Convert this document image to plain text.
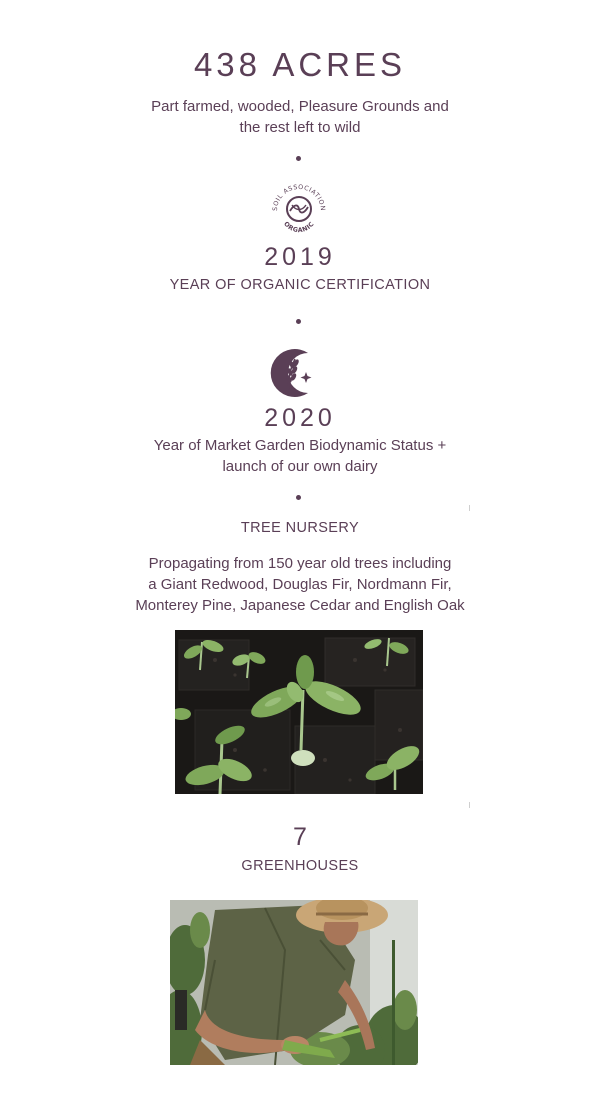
438 ACRES
Part farmed, wooded, Pleasure Grounds and
the rest left to wild
SOIL ASSOCIATION
ORGANIC
2019
YEAR OF ORGANIC CERTIFICATION
2020
Year of Market Garden Biodynamic Status +
launch of our own dairy
TREE NURSERY
Propagating from 150 year old trees including
a Giant Redwood, Douglas Fir, Nordmann Fir,
Monterey Pine, Japanese Cedar and English Oak
7
GREENHOUSES
